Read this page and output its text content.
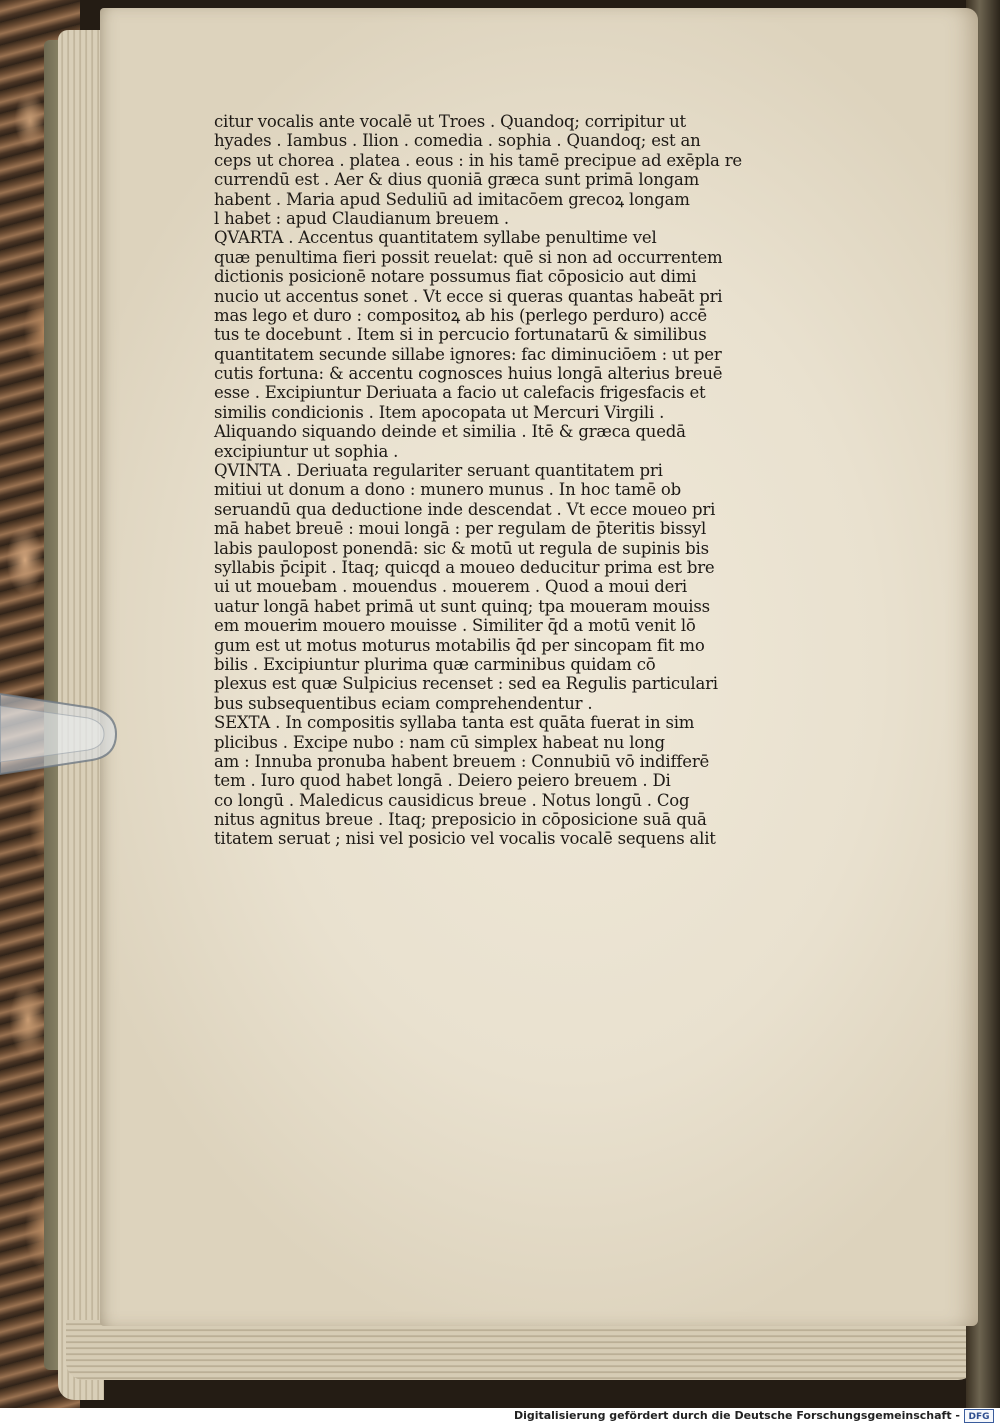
citur vocalis ante vocalē ut Troes . Quandoq; corripitur ut
hyades . Iambus . Ilion . comedia . sophia . Quandoq; est an
ceps ut chorea . platea . eous : in his tamē precipue ad exēpla re
currendū est . Aer & dius quoniā græca sunt primā longam
habent . Maria apud Seduliū ad imitacōem grecoꝝ longam
l habet : apud Claudianum breuem .
QVARTA . Accentus quantitatem syllabe penultime vel
quæ penultima fieri possit reuelat: quē si non ad occurrentem
dictionis posicionē notare possumus fiat cōposicio aut dimi
nucio ut accentus sonet . Vt ecce si queras quantas habeāt pri
mas lego et duro : compositoꝝ ab his (perlego perduro) accē
tus te docebunt . Item si in percucio fortunatarū & similibus
quantitatem secunde sillabe ignores: fac diminuciōem : ut per
cutis fortuna: & accentu cognosces huius longā alterius breuē
esse . Excipiuntur Deriuata a facio ut calefacis frigesfacis et
similis condicionis . Item apocopata ut Mercuri Virgili .
Aliquando siquando deinde et similia . Itē & græca quedā
excipiuntur ut sophia .
QVINTA . Deriuata regulariter seruant quantitatem pri
mitiui ut donum a dono : munero munus . In hoc tamē ob
seruandū qua deductione inde descendat . Vt ecce moueo pri
mā habet breuē : moui longā : per regulam de p̄teritis bissyl
labis paulopost ponendā: sic & motū ut regula de supinis bis
syllabis p̄cipit . Itaq; quicqd a moueo deducitur prima est bre
ui ut mouebam . mouendus . mouerem . Quod a moui deri
uatur longā habet primā ut sunt quinq; tpa moueram mouiss
em mouerim mouero mouisse . Similiter q̄d a motū venit lō
gum est ut motus moturus motabilis q̄d per sincopam fit mo
bilis . Excipiuntur plurima quæ carminibus quidam cō
plexus est quæ Sulpicius recenset : sed ea Regulis particulari
bus subsequentibus eciam comprehendentur .
SEXTA . In compositis syllaba tanta est quāta fuerat in sim
plicibus . Excipe nubo : nam cū simplex habeat nu long
am : Innuba pronuba habent breuem : Connubiū vō indifferē
tem . Iuro quod habet longā . Deiero peiero breuem . Di
co longū . Maledicus causidicus breue . Notus longū . Cog
nitus agnitus breue . Itaq; preposicio in cōposicione suā quā
titatem seruat ; nisi vel posicio vel vocalis vocalē sequens alit
Digitalisierung gefördert durch die Deutsche Forschungsgemeinschaft - DFG
